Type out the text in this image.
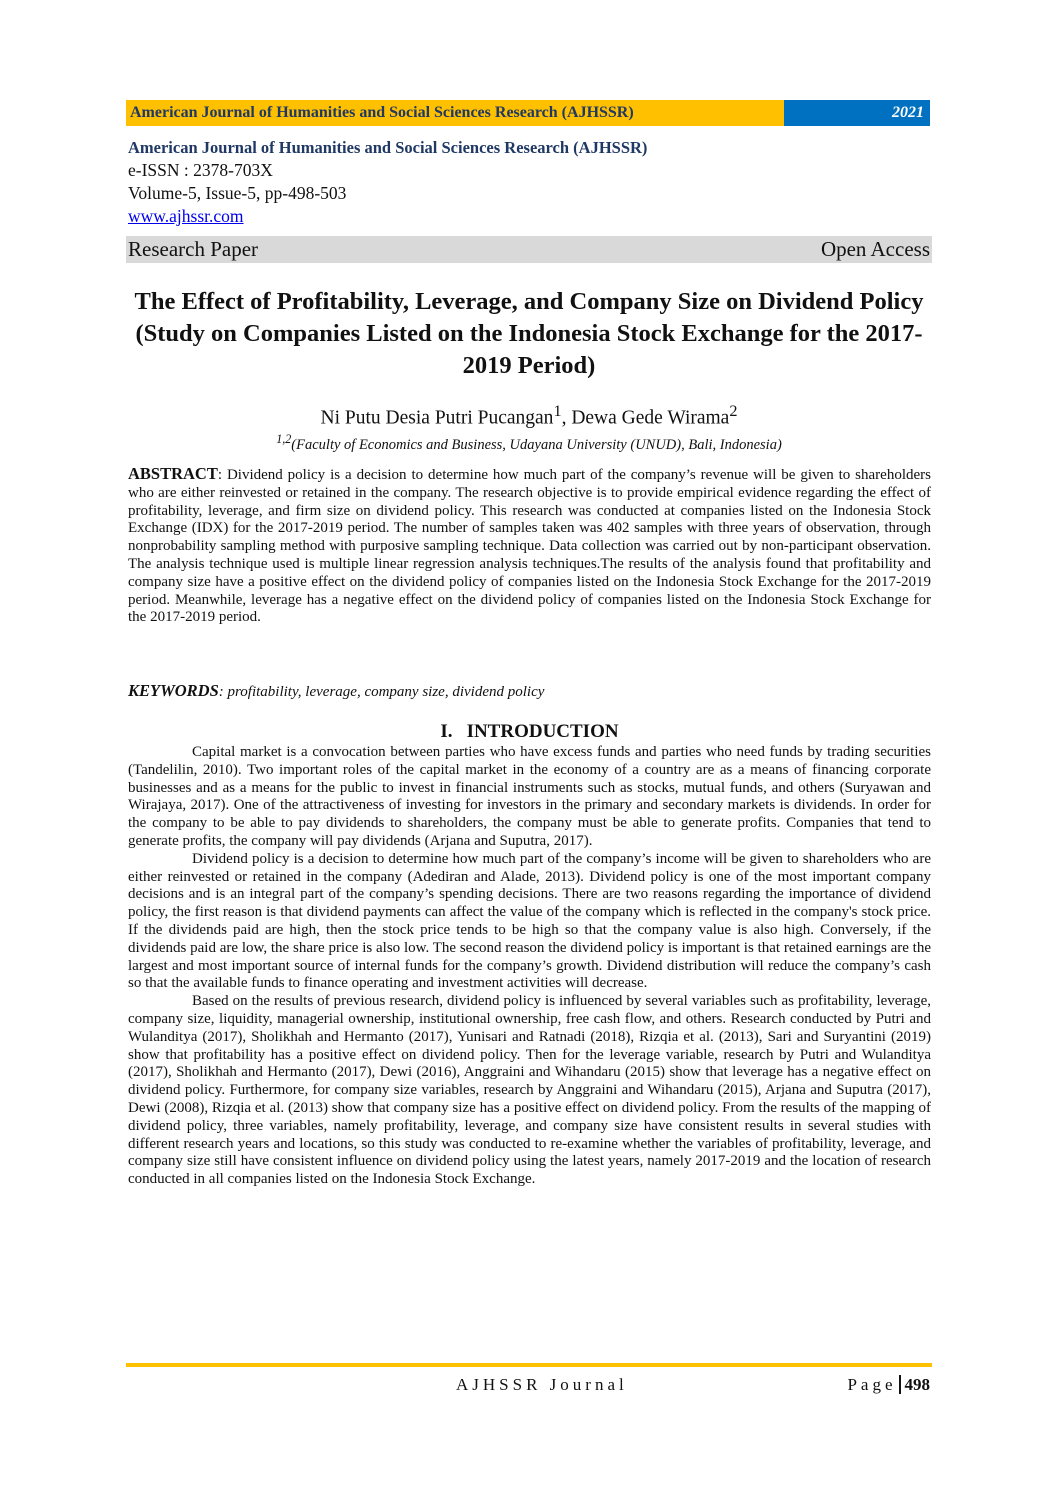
American Journal of Humanities and Social Sciences Research (AJHSSR)	2021
American Journal of Humanities and Social Sciences Research (AJHSSR)
e-ISSN : 2378-703X
Volume-5, Issue-5, pp-498-503
www.ajhssr.com
Research Paper	Open Access
The Effect of Profitability, Leverage, and Company Size on Dividend Policy (Study on Companies Listed on the Indonesia Stock Exchange for the 2017-2019 Period)
Ni Putu Desia Putri Pucangan$^1$, Dewa Gede Wirama$^2$
$^{1,2}$(Faculty of Economics and Business, Udayana University (UNUD), Bali, Indonesia)
ABSTRACT: Dividend policy is a decision to determine how much part of the company’s revenue will be given to shareholders who are either reinvested or retained in the company. The research objective is to provide empirical evidence regarding the effect of profitability, leverage, and firm size on dividend policy. This research was conducted at companies listed on the Indonesia Stock Exchange (IDX) for the 2017-2019 period. The number of samples taken was 402 samples with three years of observation, through nonprobability sampling method with purposive sampling technique. Data collection was carried out by non-participant observation. The analysis technique used is multiple linear regression analysis techniques.The results of the analysis found that profitability and company size have a positive effect on the dividend policy of companies listed on the Indonesia Stock Exchange for the 2017-2019 period. Meanwhile, leverage has a negative effect on the dividend policy of companies listed on the Indonesia Stock Exchange for the 2017-2019 period.
KEYWORDS: profitability, leverage, company size, dividend policy
I. INTRODUCTION

Capital market is a convocation between parties who have excess funds and parties who need funds by trading securities (Tandelilin, 2010). Two important roles of the capital market in the economy of a country are as a means of financing corporate businesses and as a means for the public to invest in financial instruments such as stocks, mutual funds, and others (Suryawan and Wirajaya, 2017). One of the attractiveness of investing for investors in the primary and secondary markets is dividends. In order for the company to be able to pay dividends to shareholders, the company must be able to generate profits. Companies that tend to generate profits, the company will pay dividends (Arjana and Suputra, 2017).

Dividend policy is a decision to determine how much part of the company’s income will be given to shareholders who are either reinvested or retained in the company (Adediran and Alade, 2013). Dividend policy is one of the most important company decisions and is an integral part of the company’s spending decisions. There are two reasons regarding the importance of dividend policy, the first reason is that dividend payments can affect the value of the company which is reflected in the company's stock price. If the dividends paid are high, then the stock price tends to be high so that the company value is also high. Conversely, if the dividends paid are low, the share price is also low. The second reason the dividend policy is important is that retained earnings are the largest and most important source of internal funds for the company’s growth. Dividend distribution will reduce the company’s cash so that the available funds to finance operating and investment activities will decrease.

Based on the results of previous research, dividend policy is influenced by several variables such as profitability, leverage, company size, liquidity, managerial ownership, institutional ownership, free cash flow, and others. Research conducted by Putri and Wulanditya (2017), Sholikhah and Hermanto (2017), Yunisari and Ratnadi (2018), Rizqia et al. (2013), Sari and Suryantini (2019) show that profitability has a positive effect on dividend policy. Then for the leverage variable, research by Putri and Wulanditya (2017), Sholikhah and Hermanto (2017), Dewi (2016), Anggraini and Wihandaru (2015) show that leverage has a negative effect on dividend policy. Furthermore, for company size variables, research by Anggraini and Wihandaru (2015), Arjana and Suputra (2017), Dewi (2008), Rizqia et al. (2013) show that company size has a positive effect on dividend policy. From the results of the mapping of dividend policy, three variables, namely profitability, leverage, and company size have consistent results in several studies with different research years and locations, so this study was conducted to re-examine whether the variables of profitability, leverage, and company size still have consistent influence on dividend policy using the latest years, namely 2017-2019 and the location of research conducted in all companies listed on the Indonesia Stock Exchange.

AJHSSR Journal	Page 498
